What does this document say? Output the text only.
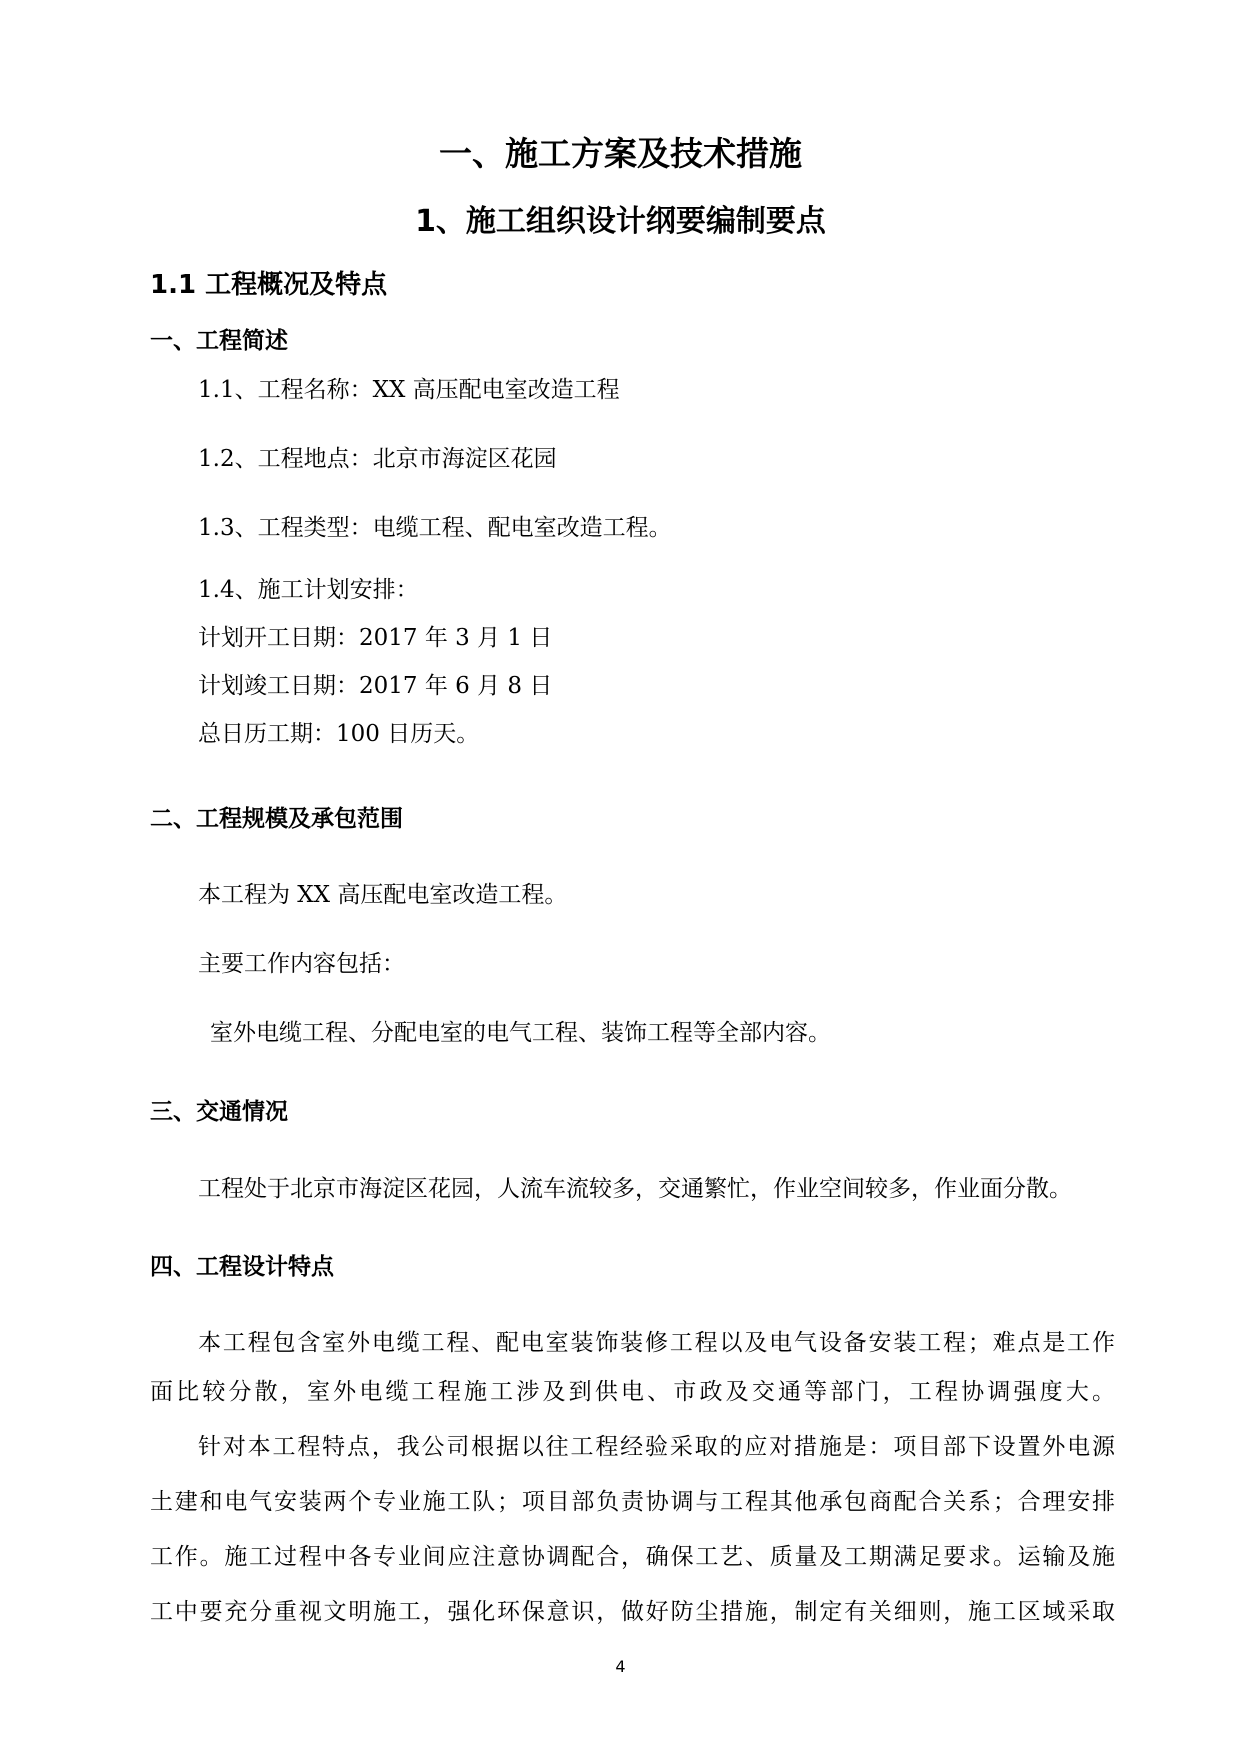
一、施工方案及技术措施
1、施工组织设计纲要编制要点
1.1 工程概况及特点
一、工程简述
1.1、工程名称：XX 高压配电室改造工程
1.2、工程地点：北京市海淀区花园
1.3、工程类型：电缆工程、配电室改造工程。
1.4、施工计划安排：
计划开工日期：2017 年 3 月 1 日
计划竣工日期：2017 年 6 月 8 日
总日历工期：100 日历天。
二、工程规模及承包范围
本工程为 XX 高压配电室改造工程。
主要工作内容包括：
室外电缆工程、分配电室的电气工程、装饰工程等全部内容。
三、交通情况
工程处于北京市海淀区花园，人流车流较多，交通繁忙，作业空间较多，作业面分散。
四、工程设计特点
本工程包含室外电缆工程、配电室装饰装修工程以及电气设备安装工程；难点是工作
面比较分散，室外电缆工程施工涉及到供电、市政及交通等部门，工程协调强度大。
针对本工程特点，我公司根据以往工程经验采取的应对措施是：项目部下设置外电源
土建和电气安装两个专业施工队；项目部负责协调与工程其他承包商配合关系；合理安排
工作。施工过程中各专业间应注意协调配合，确保工艺、质量及工期满足要求。运输及施
工中要充分重视文明施工，强化环保意识，做好防尘措施，制定有关细则，施工区域采取
4
